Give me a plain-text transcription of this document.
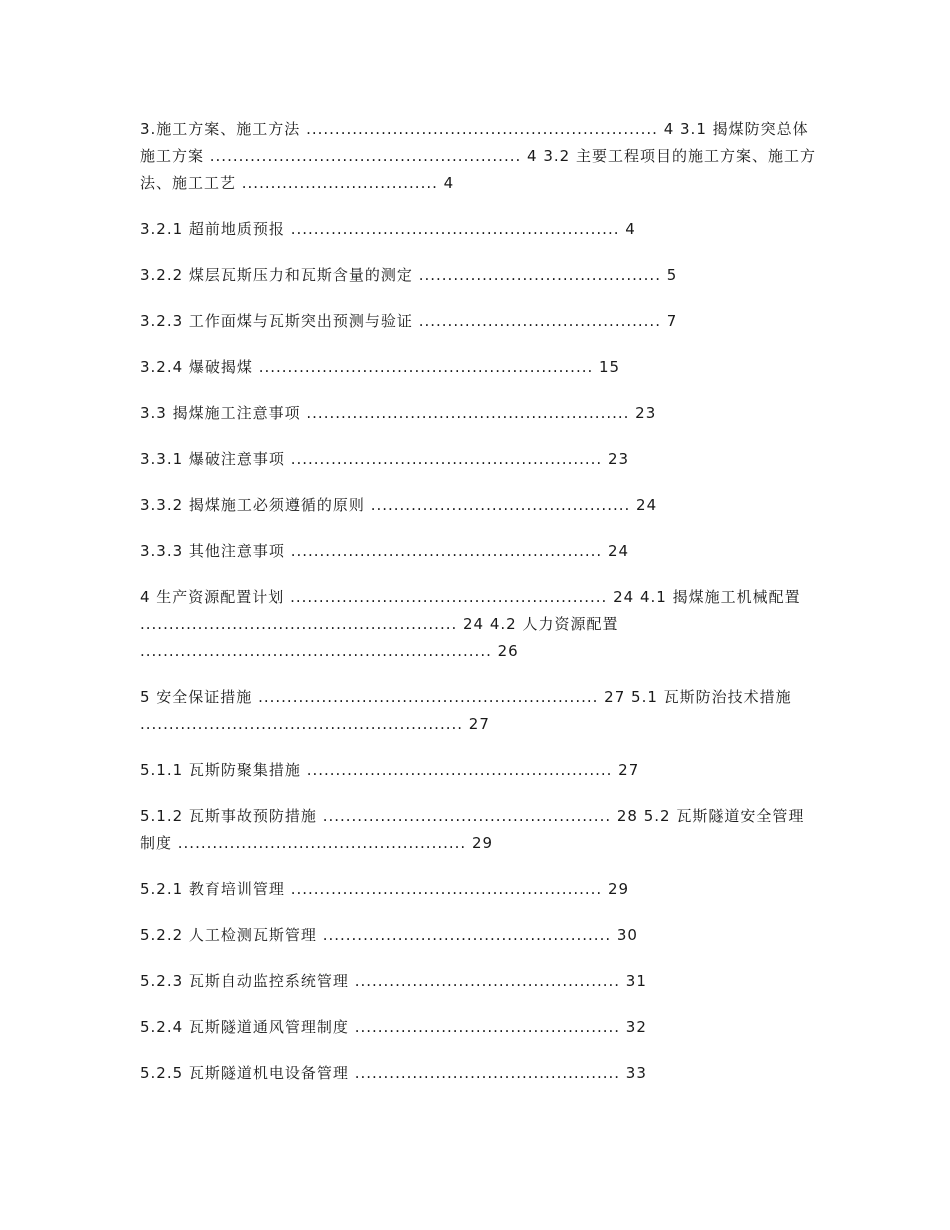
3.施工方案、施工方法 ............................................................. 4 3.1 揭煤防突总体施工方案 ...................................................... 4 3.2 主要工程项目的施工方案、施工方法、施工工艺 .................................. 4
3.2.1 超前地质预报 ......................................................... 4
3.2.2 煤层瓦斯压力和瓦斯含量的测定 .......................................... 5
3.2.3 工作面煤与瓦斯突出预测与验证 .......................................... 7
3.2.4 爆破揭煤 .......................................................... 15
3.3 揭煤施工注意事项 ........................................................ 23
3.3.1 爆破注意事项 ...................................................... 23
3.3.2 揭煤施工必须遵循的原则 ............................................. 24
3.3.3 其他注意事项 ...................................................... 24
4 生产资源配置计划 ....................................................... 24 4.1 揭煤施工机械配置 ....................................................... 24 4.2 人力资源配置 ............................................................. 26
5 安全保证措施 ........................................................... 27 5.1 瓦斯防治技术措施 ........................................................ 27
5.1.1 瓦斯防聚集措施 ..................................................... 27
5.1.2 瓦斯事故预防措施 .................................................. 28 5.2 瓦斯隧道安全管理制度 .................................................. 29
5.2.1 教育培训管理 ...................................................... 29
5.2.2 人工检测瓦斯管理 .................................................. 30
5.2.3 瓦斯自动监控系统管理 .............................................. 31
5.2.4 瓦斯隧道通风管理制度 .............................................. 32
5.2.5 瓦斯隧道机电设备管理 .............................................. 33
